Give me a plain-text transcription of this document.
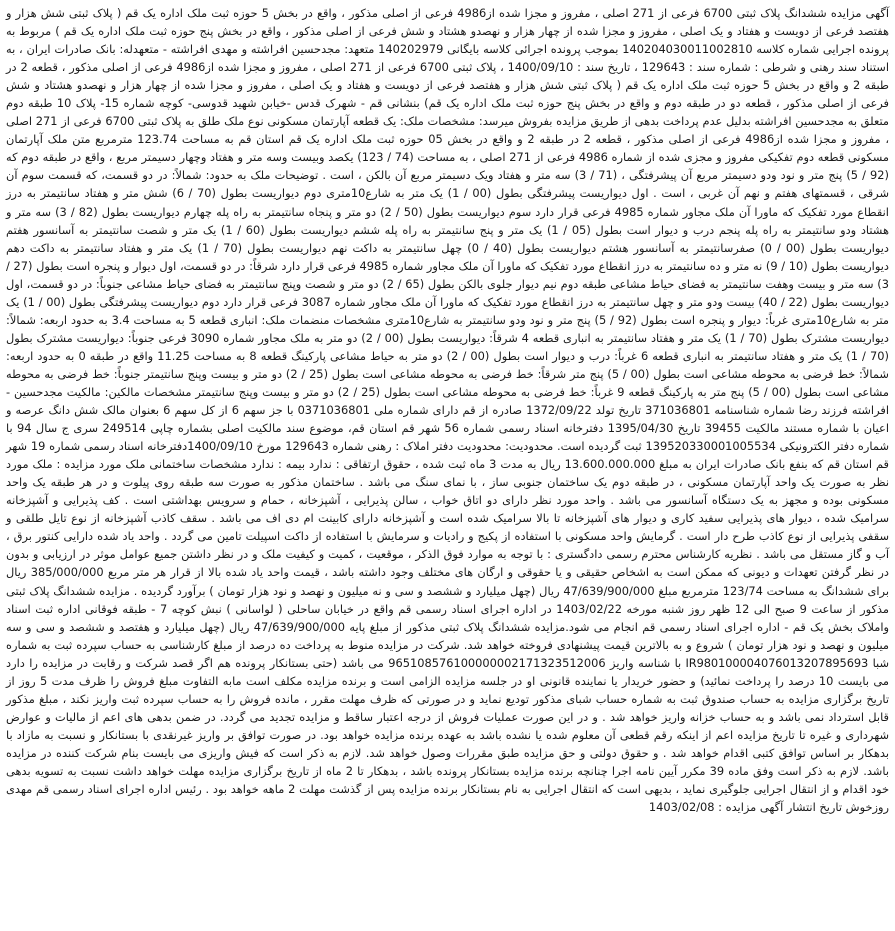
آگهی مزایده ششدانگ پلاک ثبتی 6700 فرعی از 271 اصلی ، مفروز و مجزا شده از4986 فرعی از اصلی مذکور ، واقع در بخش 5 حوزه ثبت ملک اداره یک قم ( پلاک ثبتی شش هزار و هفتصد فرعی از دویست و هفتاد و یک اصلی ، مفروز و مجزا شده از چهار هزار و نهصدو هشتاد و شش فرعی از اصلی مذکور ، واقع در بخش پنج حوزه ثبت ملک اداره یک قم ) مربوط به پرونده اجرایی شماره کلاسه 140204030011002810 بموجب پرونده اجرائی کلاسه بایگانی 140202979 متعهد: مجدحسین افراشته و مهدی افراشته - متعهدله: بانک صادرات ایران ، به استناد سند رهنی و شرطی : شماره سند : 129643 ، تاریخ سند : 1400/09/10 ، پلاک ثبتی 6700 فرعی از 271 اصلی ، مفروز و مجزا شده از4986 فرعی از اصلی مذکور ، قطعه 2 در طبقه 2 و واقع در بخش 5 حوزه ثبت ملک اداره یک قم ( پلاک ثبتی شش هزار و هفتصد فرعی از دویست و هفتاد و یک اصلی ، مفروز و مجزا شده از چهار هزار و نهصدو هشتاد و شش فرعی از اصلی مذکور ، قطعه دو در طبقه دوم و واقع در بخش پنج حوزه ثبت ملک اداره یک قم) بنشانی قم - شهرک قدس -خیابن شهید قدوسی- کوچه شماره 15- پلاک 10 طبقه دوم متعلق به مجدحسین افراشته بدلیل عدم پرداخت بدهی از طریق مزایده بفروش میرسد: مشخصات ملک: یک قطعه آپارتمان مسکونی نوع ملک طلق به پلاک ثبتی 6700 فرعی از 271 اصلی ، مفروز و مجزا شده از4986 فرعی از اصلی مذکور ، قطعه 2 در طبقه 2 و واقع در بخش 05 حوزه ثبت ملک اداره یک قم استان قم به مساحت 123.74 مترمربع متن ملک آپارتمان مسکونی قطعه دوم تفکیکی مفروز و مجزی شده از شماره 4986 فرعی از 271 اصلی ، به مساحت (74 / 123) یکصد وبیست وسه متر و هفتاد وچهار دسیمتر مربع ، واقع در طبقه دوم که (92 / 5) پنج متر و نود ودو دسیمتر مربع آن پیشرفتگی ، (71 / 3) سه متر و هفتاد ویک دسیمتر مربع آن بالکن ، است . توضیحات ملک به حدود: شمالاً: در دو قسمت، که قسمت سوم آن شرقی ، قسمتهای هفتم و نهم آن غربی ، است . اول دیواریست پیشرفتگی بطول (00 / 1) یک متر به شارع10متری دوم دیواریست بطول (70 / 6) شش متر و هفتاد سانتیمتر به درز انقطاع مورد تفکیک که ماورا آن ملک مجاور شماره 4985 فرعی قرار دارد سوم دیواریست بطول (50 / 2) دو متر و پنجاه سانتیمتر به راه پله چهارم دیواریست بطول (82 / 3) سه متر و هشتاد ودو سانتیمتر به راه پله پنجم درب و دیوار است بطول (05 / 1) یک متر و پنج سانتیمتر به راه پله ششم دیواریست بطول (60 / 1) یک متر و شصت سانتیمتر به آسانسور هفتم دیواریست بطول (00 / 0) صفرسانتیمتر به آسانسور هشتم دیواریست بطول (40 / 0) چهل سانتیمتر به داکت نهم دیواریست بطول (70 / 1) یک متر و هفتاد سانتیمتر به داکت دهم دیواریست بطول (10 / 9) نه متر و ده سانتیمتر به درز انقطاع مورد تفکیک که ماورا آن ملک مجاور شماره 4985 فرعی قرار دارد شرقاً: در دو قسمت، اول دیوار و پنجره است بطول (27 / 3) سه متر و بیست وهفت سانتیمتر به فضای حیاط مشاعی طبقه دوم نیم دیوار جلوی بالکن بطول (65 / 2) دو متر و شصت وپنج سانتیمتر به فضای حیاط مشاعی جنوباً: در دو قسمت، اول دیواریست بطول (22 / 40) بیست ودو متر و چهل سانتیمتر به درز انقطاع مورد تفکیک که ماورا آن ملک مجاور شماره 3087 فرعی قرار دارد دوم دیواریست پیشرفتگی بطول (00 / 1) یک متر به شارع10متری غرباً: دیوار و پنجره است بطول (92 / 5) پنج متر و نود ودو سانتیمتر به شارع10متری مشخصات منضمات ملک: انباری قطعه 5 به مساحت 3.4 به حدود اربعه: شمالاً: دیواریست مشترک بطول (70 / 1) یک متر و هفتاد سانتیمتر به انباری قطعه 4 شرقاً: دیواریست بطول (00 / 2) دو متر به ملک مجاور شماره 3090 فرعی جنوباً: دیواریست مشترک بطول (70 / 1) یک متر و هفتاد سانتیمتر به انباری قطعه 6 غرباً: درب و دیوار است بطول (00 / 2) دو متر به حیاط مشاعی پارکینگ قطعه 8 به مساحت 11.25 واقع در طبقه 0 به حدود اربعه: شمالاً: خط فرضی به محوطه مشاعی است بطول (00 / 5) پنج متر شرقاً: خط فرضی به محوطه مشاعی است بطول (25 / 2) دو متر و بیست وپنج سانتیمتر جنوباً: خط فرضی به محوطه مشاعی است بطول (00 / 5) پنج متر به پارکینگ قطعه 9 غرباً: خط فرضی به محوطه مشاعی است بطول (25 / 2) دو متر و بیست وپنج سانتیمتر مشخصات مالکین: مالکیت مجدحسین - افراشته فرزند رضا شماره شناسنامه 371036801 تاریخ تولد 1372/09/22 صادره از قم دارای شماره ملی 0371036801 با جز سهم 6 از کل سهم 6 بعنوان مالک شش دانگ عرصه و اعیان با شماره مستند مالکیت 39455 تاریخ 1395/04/30 دفترخانه اسناد رسمی شماره 56 شهر قم استان قم، موضوع سند مالکیت اصلی بشماره چاپی 249514 سری ج سال 94 با شماره دفتر الکترونیکی 139520330001005534 ثبت گردیده است. محدودیت: محدودیت دفتر املاک : رهنی شماره 129643 مورخ 1400/09/10دفترخانه اسناد رسمی شماره 19 شهر قم استان قم که بنفع بانک صادرات ایران به مبلغ 13.600.000.000 ریال به مدت 3 ماه ثبت شده ، حقوق ارتفاقی : ندارد بیمه : ندارد مشخصات ساختمانی ملک مورد مزایده : ملک مورد نظر به صورت یک واحد آپارتمان مسکونی ، در طبقه دوم یک ساختمان جنوبی ساز ، با نمای سنگ می باشد . ساختمان مذکور به صورت سه طبقه روی پیلوت و در هر طبقه یک واحد مسکونی بوده و مجهز به یک دستگاه آسانسور می باشد . واحد مورد نظر دارای دو اتاق خواب ، سالن پذیرایی ، آشپزخانه ، حمام و سرویس بهداشتی است . کف پذیرایی و آشپزخانه سرامیک شده ، دیوار های پذیرایی سفید کاری و دیوار های آشپزخانه تا بالا سرامیک شده است و آشپزخانه دارای کابینت ام دی اف می باشد . سقف کاذب آشپزخانه از نوع تایل طلقی و سقفی پذیرایی از نوع کاذب طرح دار است . گرمایش واحد مسکونی با استفاده از پکیج و رادیات و سرمایش با استفاده از داکت اسپیلت تامین می گردد . واحد یاد شده دارایی کنتور برق ، آب و گاز مستقل می باشد . نظریه کارشناس محترم رسمی دادگستری : با توجه به موارد فوق الذکر ، موقعیت ، کمیت و کیفیت ملک و در نظر داشتن جمیع عوامل موثر در ارزیابی و بدون در نظر گرفتن تعهدات و دیونی که ممکن است به اشخاص حقیقی و یا حقوقی و ارگان های مختلف وجود داشته باشد ، قیمت واحد یاد شده بالا از قرار هر متر مربع 385/000/000 ریال برای ششدانگ به مساحت 123/74 مترمربع مبلغ 47/639/900/000 ریال (چهل میلیارد و ششصد و سی و نه میلیون و نهصد و نود هزار تومان ) برآورد گردیده . مزایده ششدانگ پلاک ثبتی مذکور از ساعت 9 صبح الی 12 ظهر روز شنبه مورخه 1403/02/22 در اداره اجرای اسناد رسمی قم واقع در خیابان ساحلی ( لواسانی ) نبش کوچه 7 - طبقه فوقانی اداره ثبت اسناد واملاک بخش یک قم - اداره اجرای اسناد رسمی قم انجام می شود.مزایده ششدانگ پلاک ثبتی مذکور از مبلغ پایه 47/639/900/000 ریال (چهل میلیارد و هفتصد و ششصد و سی و سه میلیون و نهصد و نود هزار تومان ) شروع و به بالاترین قیمت پیشنهادی فروخته خواهد شد. شرکت در مزایده منوط به پرداخت ده درصد از مبلغ کارشناسی به حساب سپرده ثبت به شماره شبا IR980100004076013207895693 با شناسه واریز 965108576100000002171323512006 می باشد (حتی بستانکار پرونده هم اگر قصد شرکت و رقابت در مزایده را دارد می بایست 10 درصد را پرداخت نمائید) و حضور خریدار یا نماینده قانونی او در جلسه مزایده الزامی است و برنده مزایده مکلف است مابه التفاوت مبلغ فروش را ظرف مدت 5 روز از تاریخ برگزاری مزایده به حساب صندوق ثبت به شماره حساب شبای مذکور تودیع نماید و در صورتی که ظرف مهلت مقرر ، مانده فروش را به حساب سپرده ثبت واریز نکند ، مبلغ مذکور قابل استرداد نمی باشد و به حساب خزانه واریز خواهد شد . و در این صورت عملیات فروش از درجه اعتبار ساقط و مزایده تجدید می گردد. در ضمن بدهی های اعم از مالیات و عوارض شهرداری و غیره تا تاریخ مزایده اعم از اینکه رقم قطعی آن معلوم شده یا نشده باشد به عهده برنده مزایده خواهد بود. در صورت توافق بر واریز غیرنقدی با بستانکار و نسبت به مازاد با بدهکار بر اساس توافق کتبی اقدام خواهد شد . و حقوق دولتی و حق مزایده طبق مقررات وصول خواهد شد. لازم به ذکر است که فیش واریزی می بایست بنام شرکت کننده در مزایده باشد. لازم به ذکر است وفق ماده 39 مکرر آیین نامه اجرا چنانچه برنده مزایده بستانکار پرونده باشد ، بدهکار تا 2 ماه از تاریخ برگزاری مزایده مهلت خواهد داشت نسبت به تسویه بدهی خود اقدام و از انتقال اجرایی جلوگیری نماید ، بدیهی است که انتقال اجرایی به نام بستانکار برنده مزایده پس از گذشت مهلت 2 ماهه خواهد بود . رئیس اداره اجرای اسناد رسمی قم مهدی روزخوش تاریخ انتشار آگهی مزایده : 1403/02/08
